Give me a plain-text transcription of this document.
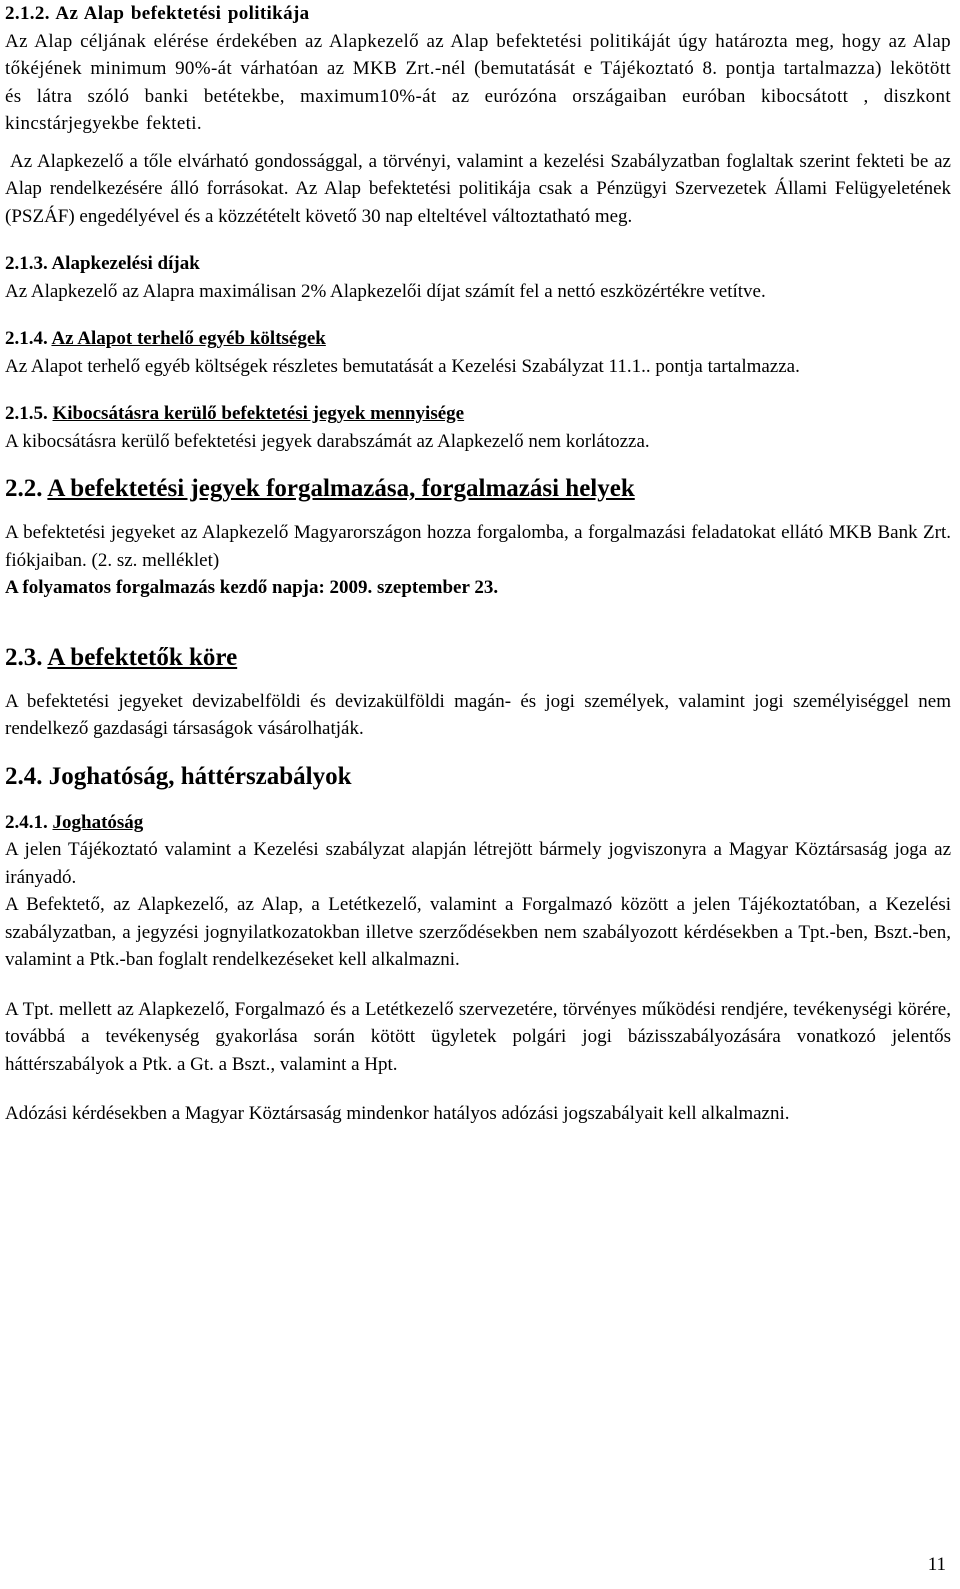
2.1.2. Az Alap befektetési politikája

Az Alap céljának elérése érdekében az Alapkezelő az Alap befektetési politikáját úgy határozta meg, hogy az Alap tőkéjének minimum 90%-át várhatóan az MKB Zrt.-nél (bemutatását e Tájékoztató 8. pontja tartalmazza) lekötött és látra szóló banki betétekbe, maximum10%-át az eurózóna országaiban euróban kibocsátott , diszkont kincstárjegyekbe fekteti.

Az Alapkezelő a tőle elvárható gondossággal, a törvényi, valamint a kezelési Szabályzatban foglaltak szerint fekteti be az Alap rendelkezésére álló forrásokat. Az Alap befektetési politikája csak a Pénzügyi Szervezetek Állami Felügyeletének (PSZÁF) engedélyével és a közzétételt követő 30 nap elteltével változtatható meg.

2.1.3. Alapkezelési díjak

Az Alapkezelő az Alapra maximálisan 2% Alapkezelői díjat számít fel a nettó eszközértékre vetítve.

2.1.4. Az Alapot terhelő egyéb költségek

Az Alapot terhelő egyéb költségek részletes bemutatását a Kezelési Szabályzat 11.1.. pontja tartalmazza.

2.1.5. Kibocsátásra kerülő befektetési jegyek mennyisége

A kibocsátásra kerülő befektetési jegyek darabszámát az Alapkezelő nem korlátozza.

2.2. A befektetési jegyek forgalmazása, forgalmazási helyek

A befektetési jegyeket az Alapkezelő Magyarországon hozza forgalomba, a forgalmazási feladatokat ellátó MKB Bank Zrt. fiókjaiban. (2. sz. melléklet)

A folyamatos forgalmazás kezdő napja: 2009. szeptember 23.

2.3. A befektetők köre

A befektetési jegyeket devizabelföldi és devizakülföldi magán- és jogi személyek, valamint jogi személyiséggel nem rendelkező gazdasági társaságok vásárolhatják.

2.4. Joghatóság, háttérszabályok

2.4.1. Joghatóság

A jelen Tájékoztató valamint a Kezelési szabályzat alapján létrejött bármely jogviszonyra a Magyar Köztársaság joga az irányadó.

A Befektető, az Alapkezelő, az Alap, a Letétkezelő, valamint a Forgalmazó között a jelen Tájékoztatóban, a Kezelési szabályzatban, a jegyzési jognyilatkozatokban illetve szerződésekben nem szabályozott kérdésekben a Tpt.-ben, Bszt.-ben, valamint a Ptk.-ban foglalt rendelkezéseket kell alkalmazni.

A Tpt. mellett az Alapkezelő, Forgalmazó és a Letétkezelő szervezetére, törvényes működési rendjére, tevékenységi körére, továbbá a tevékenység gyakorlása során kötött ügyletek polgári jogi bázisszabályozására vonatkozó jelentős háttérszabályok a Ptk. a Gt. a Bszt., valamint a Hpt.

Adózási kérdésekben a Magyar Köztársaság mindenkor hatályos adózási jogszabályait kell alkalmazni.

11
